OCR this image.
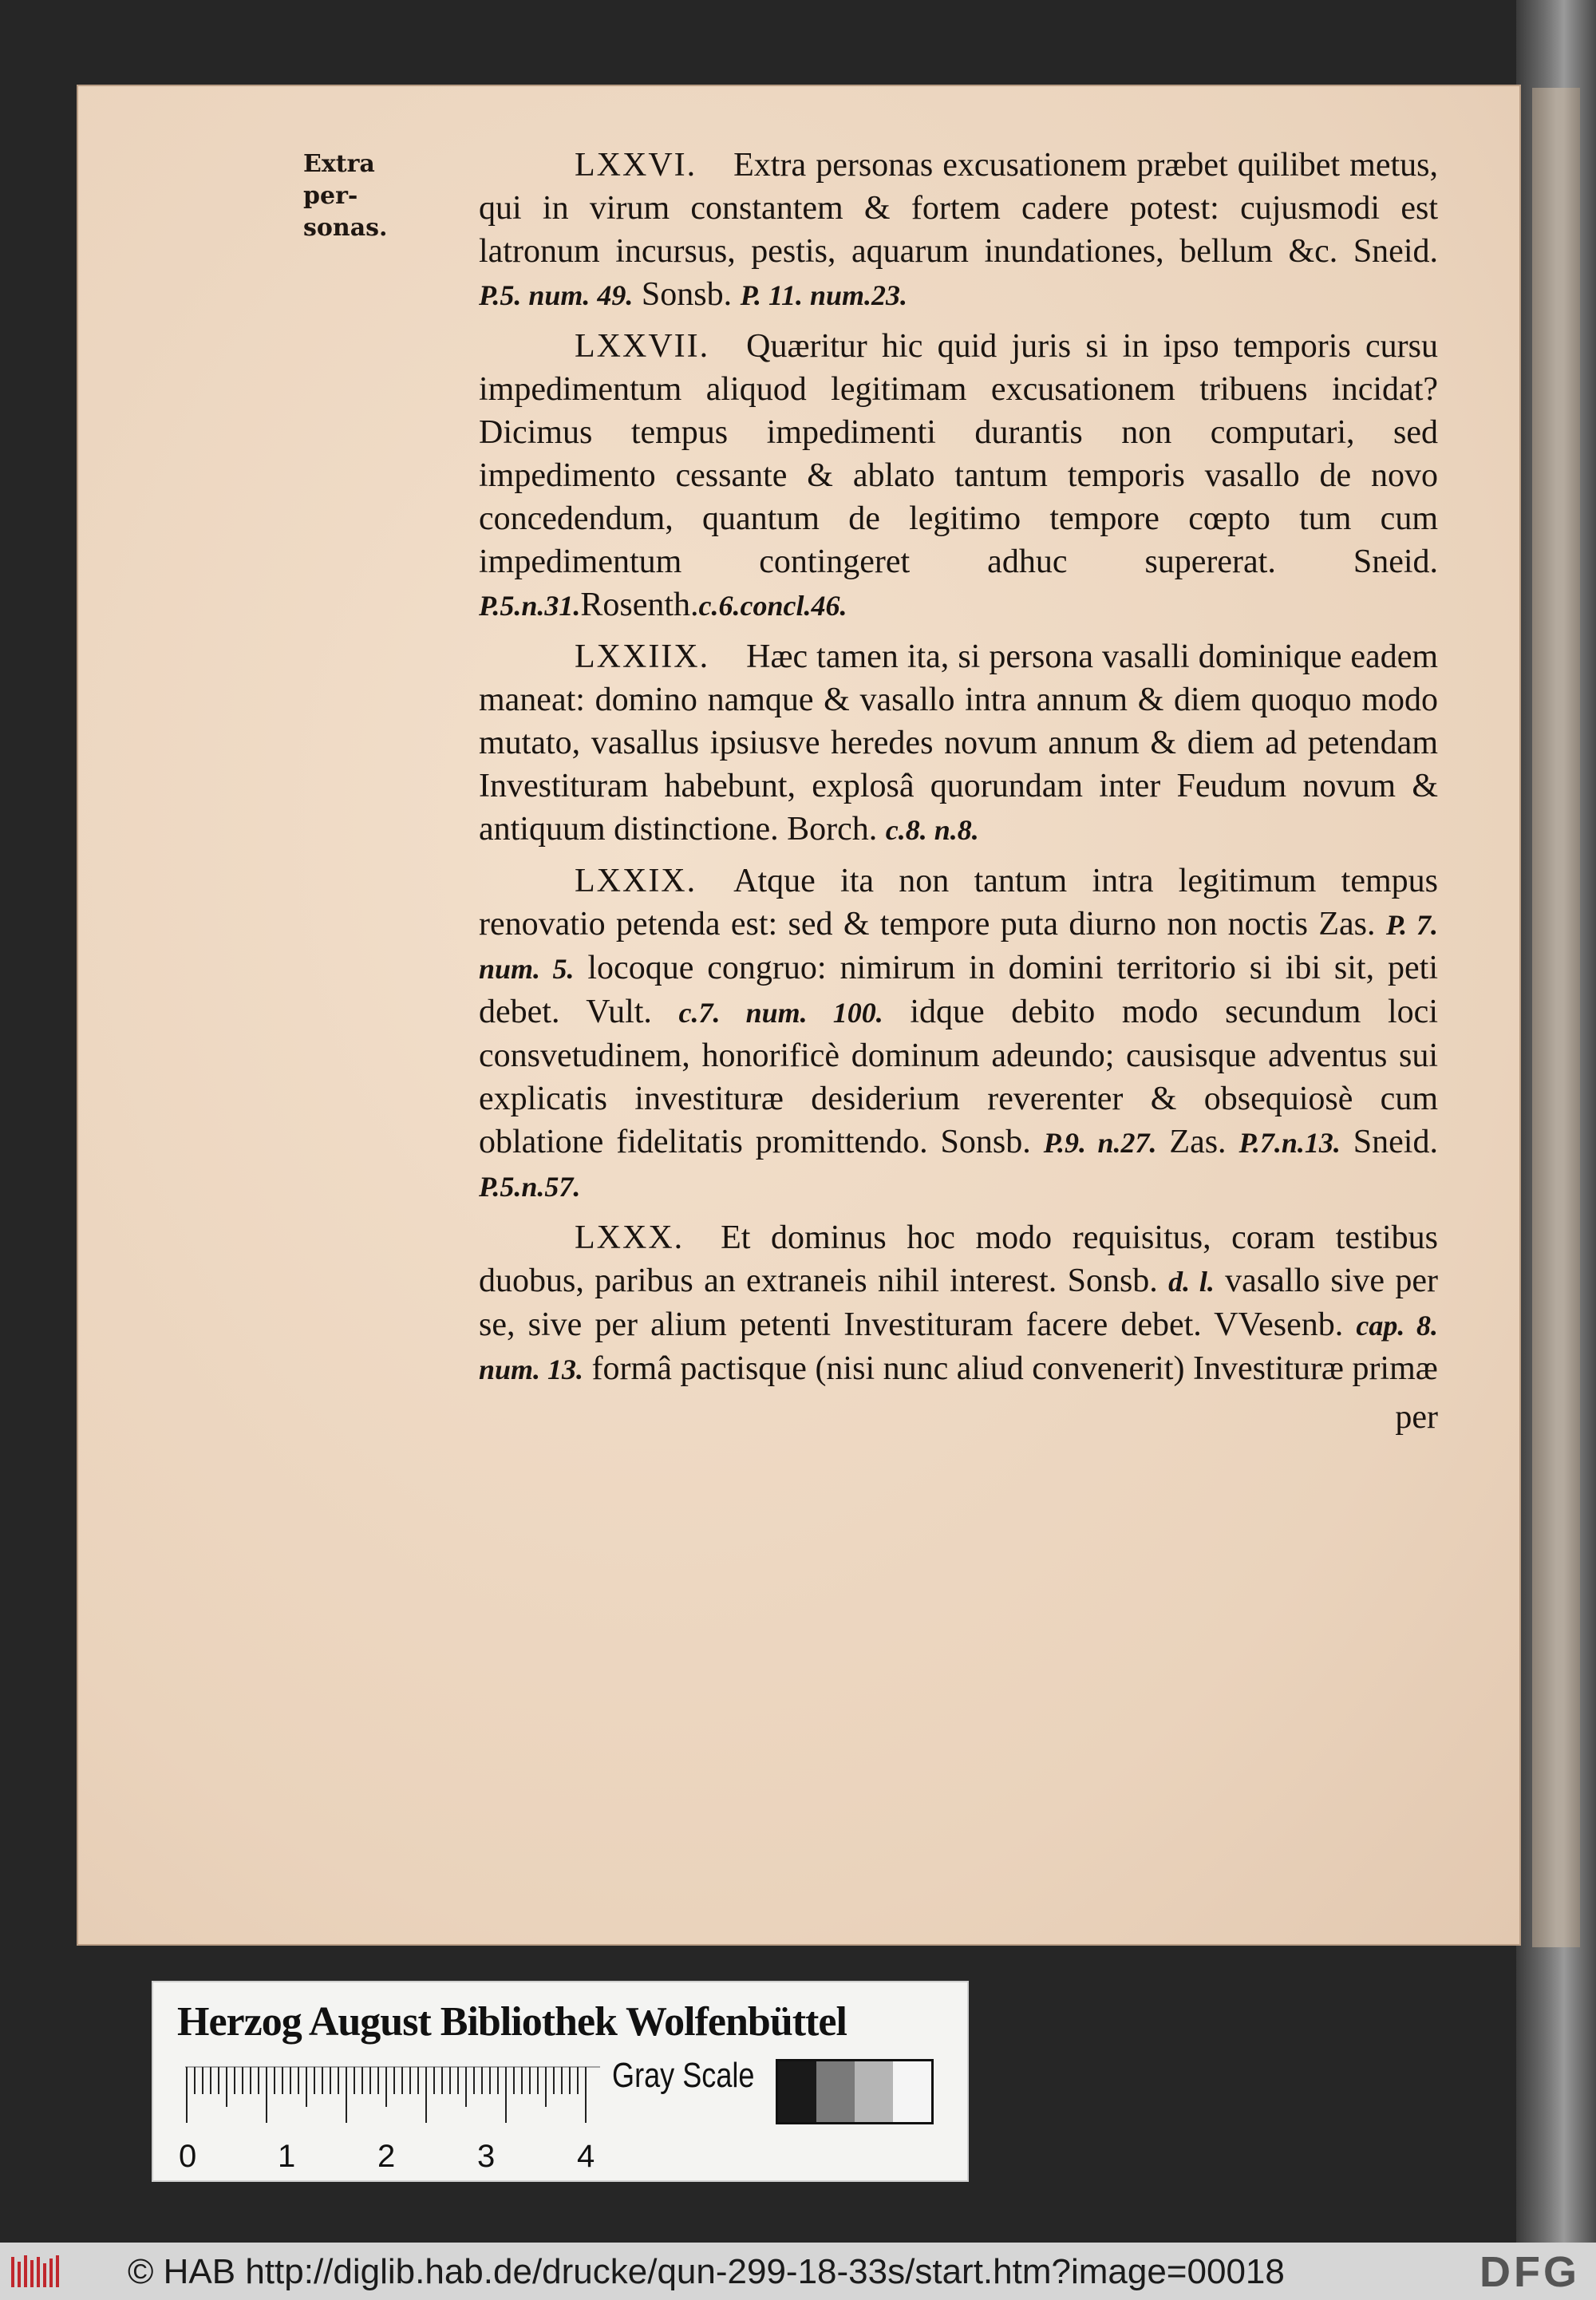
Extra per-
sonas.

LXXVI. Extra personas excusationem præbet quilibet metus, qui in virum constantem & fortem cadere potest: cujusmodi est latronum incursus, pestis, aquarum inundationes, bellum &c. Sneid. P.5. num. 49. Sonsb. P. 11. num.23.

LXXVII. Quæritur hic quid juris si in ipso temporis cursu impedimentum aliquod legitimam excusationem tribuens incidat? Dicimus tempus impedimenti durantis non computari, sed impedimento cessante & ablato tantum temporis vasallo de novo concedendum, quantum de legitimo tempore cœpto tum cum impedimentum contingeret adhuc supererat. Sneid. P.5.n.31.Rosenth.c.6.concl.46.

LXXIIX. Hæc tamen ita, si persona vasalli dominique eadem maneat: domino namque & vasallo intra annum & diem quoquo modo mutato, vasallus ipsiusve heredes novum annum & diem ad petendam Investituram habebunt, explosâ quorundam inter Feudum novum & antiquum distinctione. Borch. c.8. n.8.

LXXIX. Atque ita non tantum intra legitimum tempus renovatio petenda est: sed & tempore puta diurno non noctis Zas. P. 7. num. 5. locoque congruo: nimirum in domini territorio si ibi sit, peti debet. Vult. c.7. num. 100. idque debito modo secundum loci consvetudinem, honorificè dominum adeundo; causisque adventus sui explicatis investituræ desiderium reverenter & obsequiosè cum oblatione fidelitatis promittendo. Sonsb. P.9. n.27. Zas. P.7.n.13. Sneid. P.5.n.57.

LXXX. Et dominus hoc modo requisitus, coram testibus duobus, paribus an extraneis nihil interest. Sonsb. d. l. vasallo sive per se, sive per alium petenti Investituram facere debet. VVesenb. cap. 8. num. 13. formâ pactisque (nisi nunc aliud convenerit) Investituræ primæ

per
Herzog August Bibliothek Wolfenbüttel
0	1	2	3	4
Gray Scale
© HAB http://diglib.hab.de/drucke/qun-299-18-33s/start.htm?image=00018	DFG
